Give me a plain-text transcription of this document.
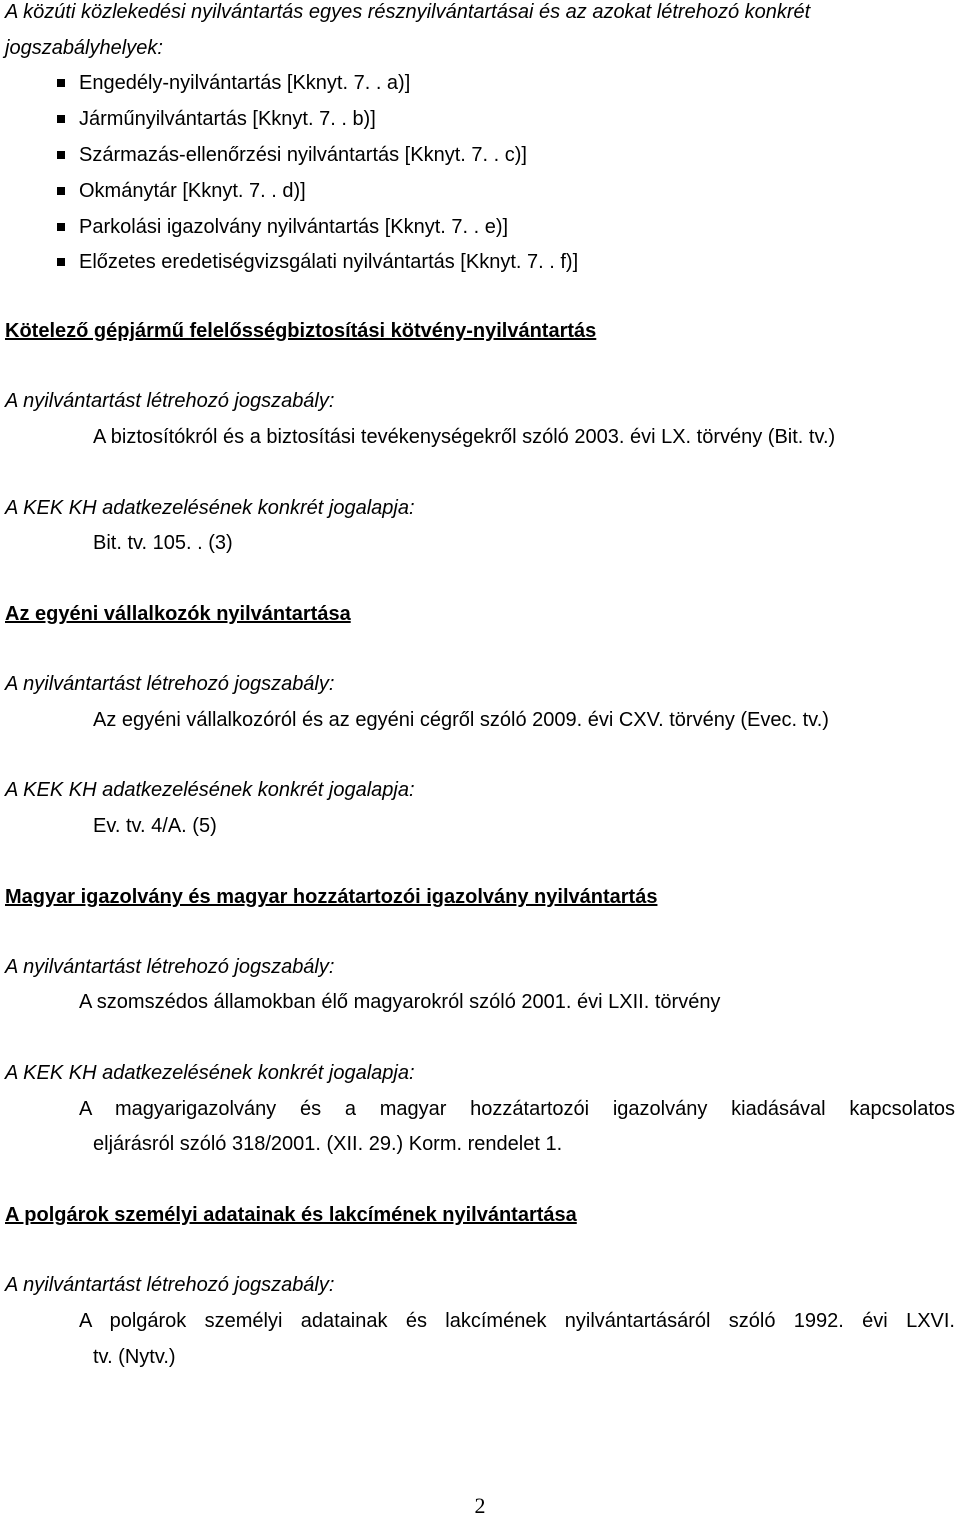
A közúti közlekedési nyilvántartás egyes résznyilvántartásai és az azokat létrehozó konkrét
jogszabályhelyek:
Engedély-nyilvántartás [Kknyt. 7. . a)]
Járműnyilvántartás [Kknyt. 7. . b)]
Származás-ellenőrzési nyilvántartás [Kknyt. 7. . c)]
Okmánytár [Kknyt. 7. . d)]
Parkolási igazolvány nyilvántartás [Kknyt. 7. . e)]
Előzetes eredetiségvizsgálati nyilvántartás [Kknyt. 7. . f)]
Kötelező gépjármű felelősségbiztosítási kötvény-nyilvántartás
A nyilvántartást létrehozó jogszabály:
A biztosítókról és a biztosítási tevékenységekről szóló 2003. évi LX. törvény (Bit. tv.)
A KEK KH adatkezelésének konkrét jogalapja:
Bit. tv. 105. . (3)
Az egyéni vállalkozók nyilvántartása
A nyilvántartást létrehozó jogszabály:
Az egyéni vállalkozóról és az egyéni cégről szóló 2009. évi CXV. törvény (Evec. tv.)
A KEK KH adatkezelésének konkrét jogalapja:
Ev. tv. 4/A. (5)
Magyar igazolvány és magyar hozzátartozói igazolvány nyilvántartás
A nyilvántartást létrehozó jogszabály:
A szomszédos államokban élő magyarokról szóló 2001. évi LXII. törvény
A KEK KH adatkezelésének konkrét jogalapja:
A magyarigazolvány és a magyar hozzátartozói igazolvány kiadásával kapcsolatos
eljárásról szóló 318/2001. (XII. 29.) Korm. rendelet 1.
A polgárok személyi adatainak és lakcímének nyilvántartása
A nyilvántartást létrehozó jogszabály:
A polgárok személyi adatainak és lakcímének nyilvántartásáról szóló 1992. évi LXVI.
tv. (Nytv.)
2
